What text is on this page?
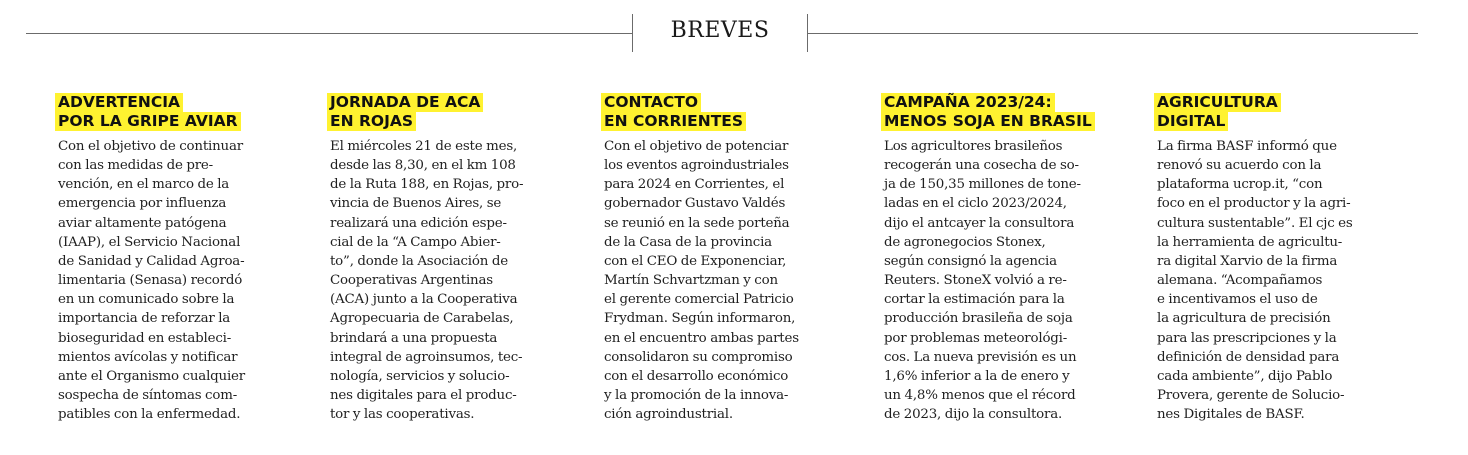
BREVES
ADVERTENCIA
POR LA GRIPE AVIAR
Con el objetivo de continuar
con las medidas de pre-
vención, en el marco de la
emergencia por influenza
aviar altamente patógena
(IAAP), el Servicio Nacional
de Sanidad y Calidad Agroa-
limentaria (Senasa) recordó
en un comunicado sobre la
importancia de reforzar la
bioseguridad en estableci-
mientos avícolas y notificar
ante el Organismo cualquier
sospecha de síntomas com-
patibles con la enfermedad.
JORNADA DE ACA
EN ROJAS
El miércoles 21 de este mes,
desde las 8,30, en el km 108
de la Ruta 188, en Rojas, pro-
vincia de Buenos Aires, se
realizará una edición espe-
cial de la “A Campo Abier-
to”, donde la Asociación de
Cooperativas Argentinas
(ACA) junto a la Cooperativa
Agropecuaria de Carabelas,
brindará a una propuesta
integral de agroinsumos, tec-
nología, servicios y solucio-
nes digitales para el produc-
tor y las cooperativas.
CONTACTO
EN CORRIENTES
Con el objetivo de potenciar
los eventos agroindustriales
para 2024 en Corrientes, el
gobernador Gustavo Valdés
se reunió en la sede porteña
de la Casa de la provincia
con el CEO de Exponenciar,
Martín Schvartzman y con
el gerente comercial Patricio
Frydman. Según informaron,
en el encuentro ambas partes
consolidaron su compromiso
con el desarrollo económico
y la promoción de la innova-
ción agroindustrial.
CAMPAÑA 2023/24:
MENOS SOJA EN BRASIL
Los agricultores brasileños
recogerán una cosecha de so-
ja de 150,35 millones de tone-
ladas en el ciclo 2023/2024,
dijo el antcayer la consultora
de agronegocios Stonex,
según consignó la agencia
Reuters. StoneX volvió a re-
cortar la estimación para la
producción brasileña de soja
por problemas meteorológi-
cos. La nueva previsión es un
1,6% inferior a la de enero y
un 4,8% menos que el récord
de 2023, dijo la consultora.
AGRICULTURA
DIGITAL
La firma BASF informó que
renovó su acuerdo con la
plataforma ucrop.it, “con
foco en el productor y la agri-
cultura sustentable”. El cjc es
la herramienta de agricultu-
ra digital Xarvio de la firma
alemana. “Acompañamos
e incentivamos el uso de
la agricultura de precisión
para las prescripciones y la
definición de densidad para
cada ambiente”, dijo Pablo
Provera, gerente de Solucio-
nes Digitales de BASF.
